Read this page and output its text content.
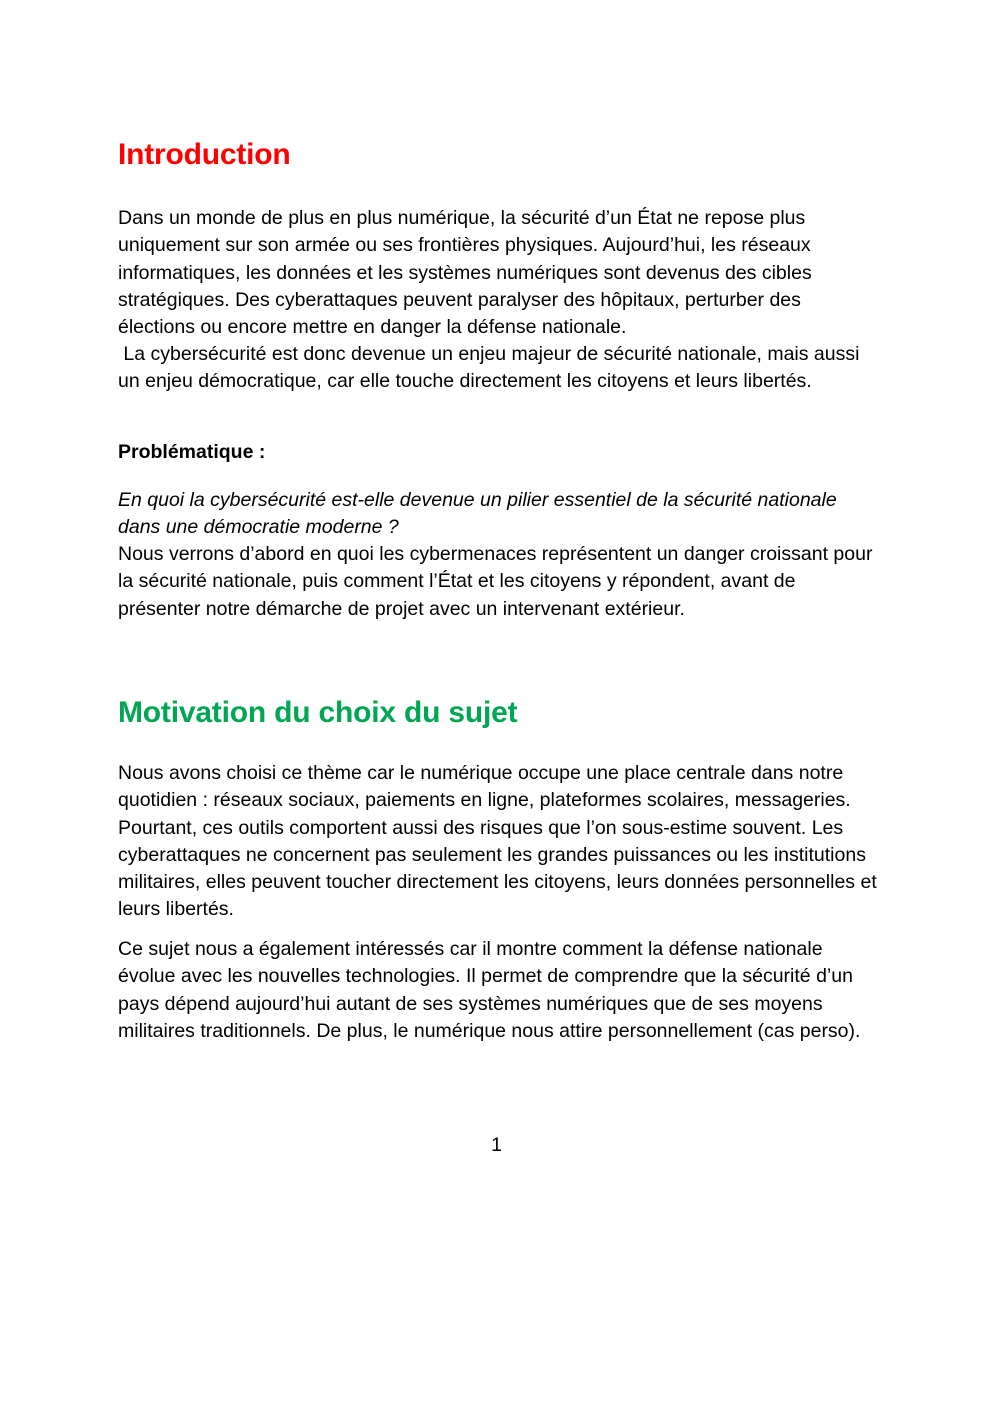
Introduction

Dans un monde de plus en plus numérique, la sécurité d’un État ne repose plus uniquement sur son armée ou ses frontières physiques. Aujourd’hui, les réseaux informatiques, les données et les systèmes numériques sont devenus des cibles stratégiques. Des cyberattaques peuvent paralyser des hôpitaux, perturber des élections ou encore mettre en danger la défense nationale.

La cybersécurité est donc devenue un enjeu majeur de sécurité nationale, mais aussi un enjeu démocratique, car elle touche directement les citoyens et leurs libertés.

Problématique :

En quoi la cybersécurité est-elle devenue un pilier essentiel de la sécurité nationale dans une démocratie moderne ?

Nous verrons d’abord en quoi les cybermenaces représentent un danger croissant pour la sécurité nationale, puis comment l’État et les citoyens y répondent, avant de présenter notre démarche de projet avec un intervenant extérieur.

Motivation du choix du sujet

Nous avons choisi ce thème car le numérique occupe une place centrale dans notre quotidien : réseaux sociaux, paiements en ligne, plateformes scolaires, messageries. Pourtant, ces outils comportent aussi des risques que l’on sous-estime souvent. Les cyberattaques ne concernent pas seulement les grandes puissances ou les institutions militaires, elles peuvent toucher directement les citoyens, leurs données personnelles et leurs libertés.

Ce sujet nous a également intéressés car il montre comment la défense nationale évolue avec les nouvelles technologies. Il permet de comprendre que la sécurité d’un pays dépend aujourd’hui autant de ses systèmes numériques que de ses moyens militaires traditionnels. De plus, le numérique nous attire personnellement (cas perso).

1
